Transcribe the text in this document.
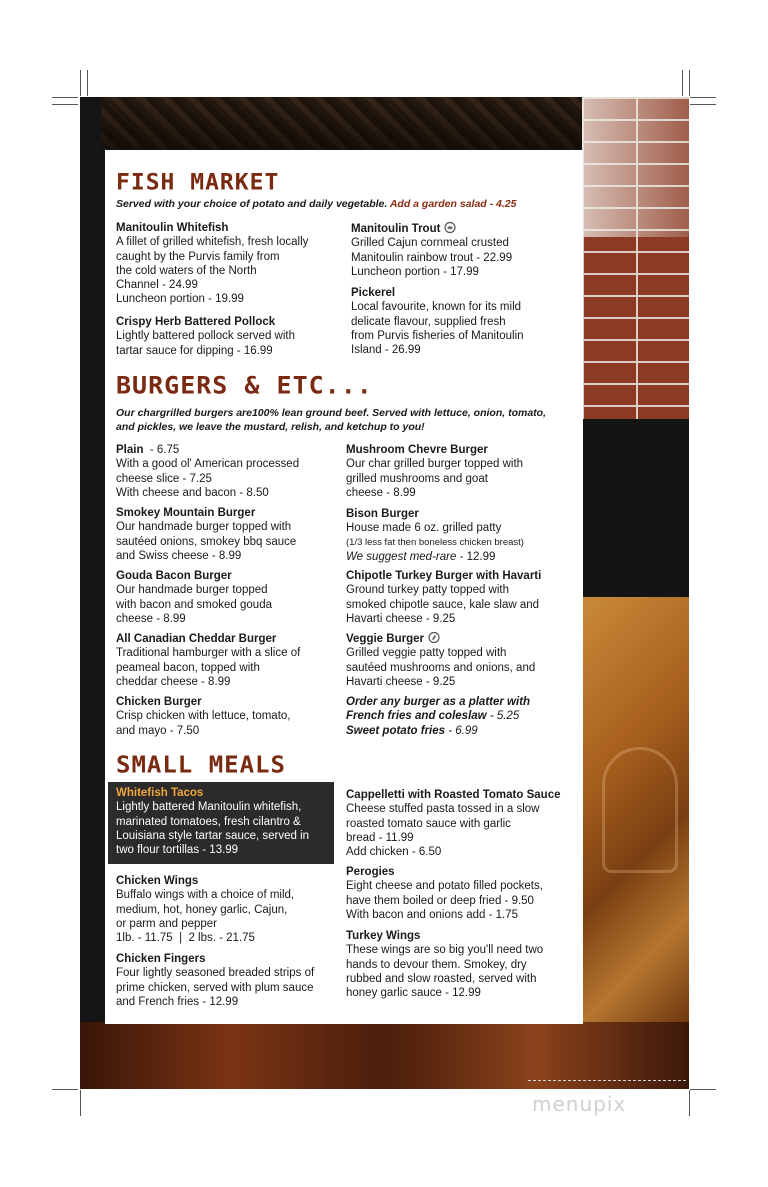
FISH MARKET
Served with your choice of potato and daily vegetable. Add a garden salad - 4.25
Manitoulin Whitefish
A fillet of grilled whitefish, fresh locally
caught by the Purvis family from
the cold waters of the North
Channel - 24.99
Luncheon portion - 19.99
Crispy Herb Battered Pollock
Lightly battered pollock served with
tartar sauce for dipping - 16.99
Manitoulin Trout
Grilled Cajun cornmeal crusted
Manitoulin rainbow trout - 22.99
Luncheon portion - 17.99
Pickerel
Local favourite, known for its mild
delicate flavour, supplied fresh
from Purvis fisheries of Manitoulin
Island - 26.99
BURGERS & ETC...
Our chargrilled burgers are100% lean ground beef. Served with lettuce, onion, tomato,
and pickles, we leave the mustard, relish, and ketchup to you!
Plain - 6.75
With a good ol' American processed
cheese slice - 7.25
With cheese and bacon - 8.50
Smokey Mountain Burger
Our handmade burger topped with
sautéed onions, smokey bbq sauce
and Swiss cheese - 8.99
Gouda Bacon Burger
Our handmade burger topped
with bacon and smoked gouda
cheese - 8.99
All Canadian Cheddar Burger
Traditional hamburger with a slice of
peameal bacon, topped with
cheddar cheese - 8.99
Chicken Burger
Crisp chicken with lettuce, tomato,
and mayo - 7.50
Mushroom Chevre Burger
Our char grilled burger topped with
grilled mushrooms and goat
cheese - 8.99
Bison Burger
House made 6 oz. grilled patty
(1/3 less fat then boneless chicken breast)
We suggest med-rare - 12.99
Chipotle Turkey Burger with Havarti
Ground turkey patty topped with
smoked chipotle sauce, kale slaw and
Havarti cheese - 9.25
Veggie Burger
Grilled veggie patty topped with
sautéed mushrooms and onions, and
Havarti cheese - 9.25
Order any burger as a platter with
French fries and coleslaw - 5.25
Sweet potato fries - 6.99
SMALL MEALS
Whitefish Tacos
Lightly battered Manitoulin whitefish,
marinated tomatoes, fresh cilantro &
Louisiana style tartar sauce, served in
two flour tortillas - 13.99
Chicken Wings
Buffalo wings with a choice of mild,
medium, hot, honey garlic, Cajun,
or parm and pepper
1lb. - 11.75  |  2 lbs. - 21.75
Chicken Fingers
Four lightly seasoned breaded strips of
prime chicken, served with plum sauce
and French fries - 12.99
Cappelletti with Roasted Tomato Sauce
Cheese stuffed pasta tossed in a slow
roasted tomato sauce with garlic
bread - 11.99
Add chicken - 6.50
Perogies
Eight cheese and potato filled pockets,
have them boiled or deep fried - 9.50
With bacon and onions add - 1.75
Turkey Wings
These wings are so big you'll need two
hands to devour them. Smokey, dry
rubbed and slow roasted, served with
honey garlic sauce - 12.99
menupix
